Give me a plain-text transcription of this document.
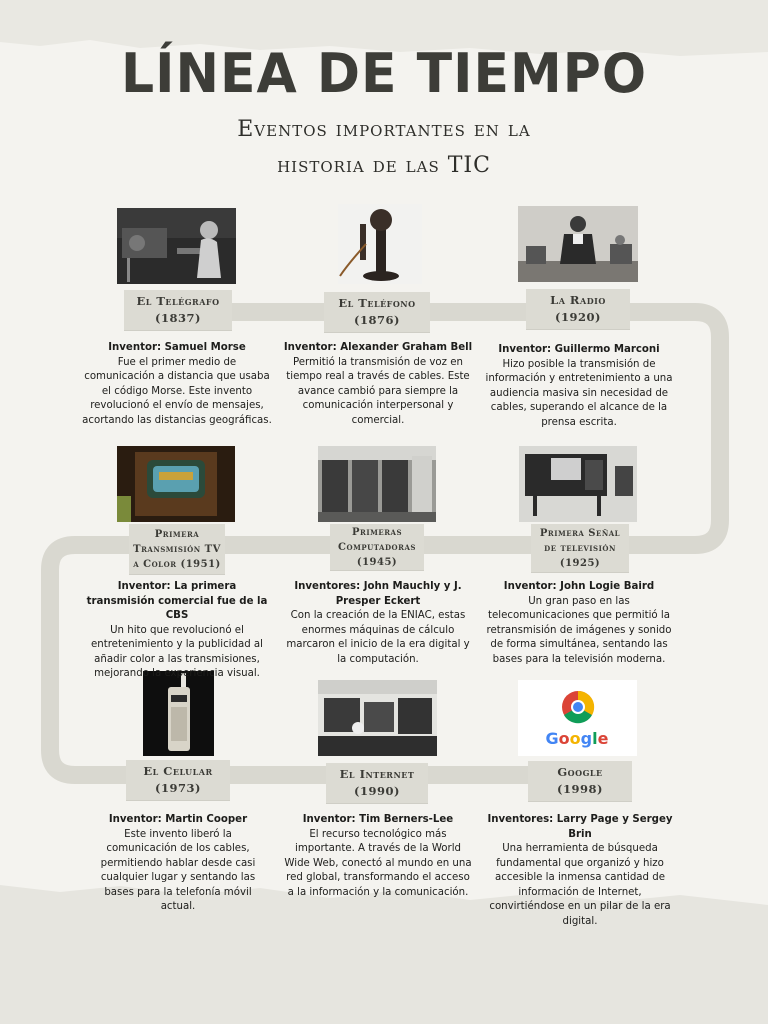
LÍNEA DE TIEMPO
Eventos importantes en la
historia de las TIC
Google
El Telégrafo
(1837)
El Teléfono
(1876)
La Radio
(1920)
Primera
Transmisión TV
a Color (1951)
Primeras
Computadoras
(1945)
Primera Señal
de televisión
(1925)
El Celular
(1973)
El Internet
(1990)
Google
(1998)
Inventor: Samuel Morse
Fue el primer medio de comunicación a distancia que usaba el código Morse. Este invento revolucionó el envío de mensajes, acortando las distancias geográficas.
Inventor: Alexander Graham Bell
Permitió la transmisión de voz en tiempo real a través de cables. Este avance cambió para siempre la comunicación interpersonal y comercial.
Inventor: Guillermo Marconi
Hizo posible la transmisión de información y entretenimiento a una audiencia masiva sin necesidad de cables, superando el alcance de la prensa escrita.
Inventor: La primera transmisión comercial fue de la CBS
Un hito que revolucionó el entretenimiento y la publicidad al añadir color a las transmisiones, mejorando la experiencia visual.
Inventores: John Mauchly y J. Presper Eckert
Con la creación de la ENIAC, estas enormes máquinas de cálculo marcaron el inicio de la era digital y la computación.
Inventor: John Logie Baird
Un gran paso en las telecomunicaciones que permitió la retransmisión de imágenes y sonido de forma simultánea, sentando las bases para la televisión moderna.
Inventor: Martin Cooper
Este invento liberó la comunicación de los cables, permitiendo hablar desde casi cualquier lugar y sentando las bases para la telefonía móvil actual.
Inventor: Tim Berners-Lee
El recurso tecnológico más importante. A través de la World Wide Web, conectó al mundo en una red global, transformando el acceso a la información y la comunicación.
Inventores: Larry Page y Sergey Brin
Una herramienta de búsqueda fundamental que organizó y hizo accesible la inmensa cantidad de información de Internet, convirtiéndose en un pilar de la era digital.
